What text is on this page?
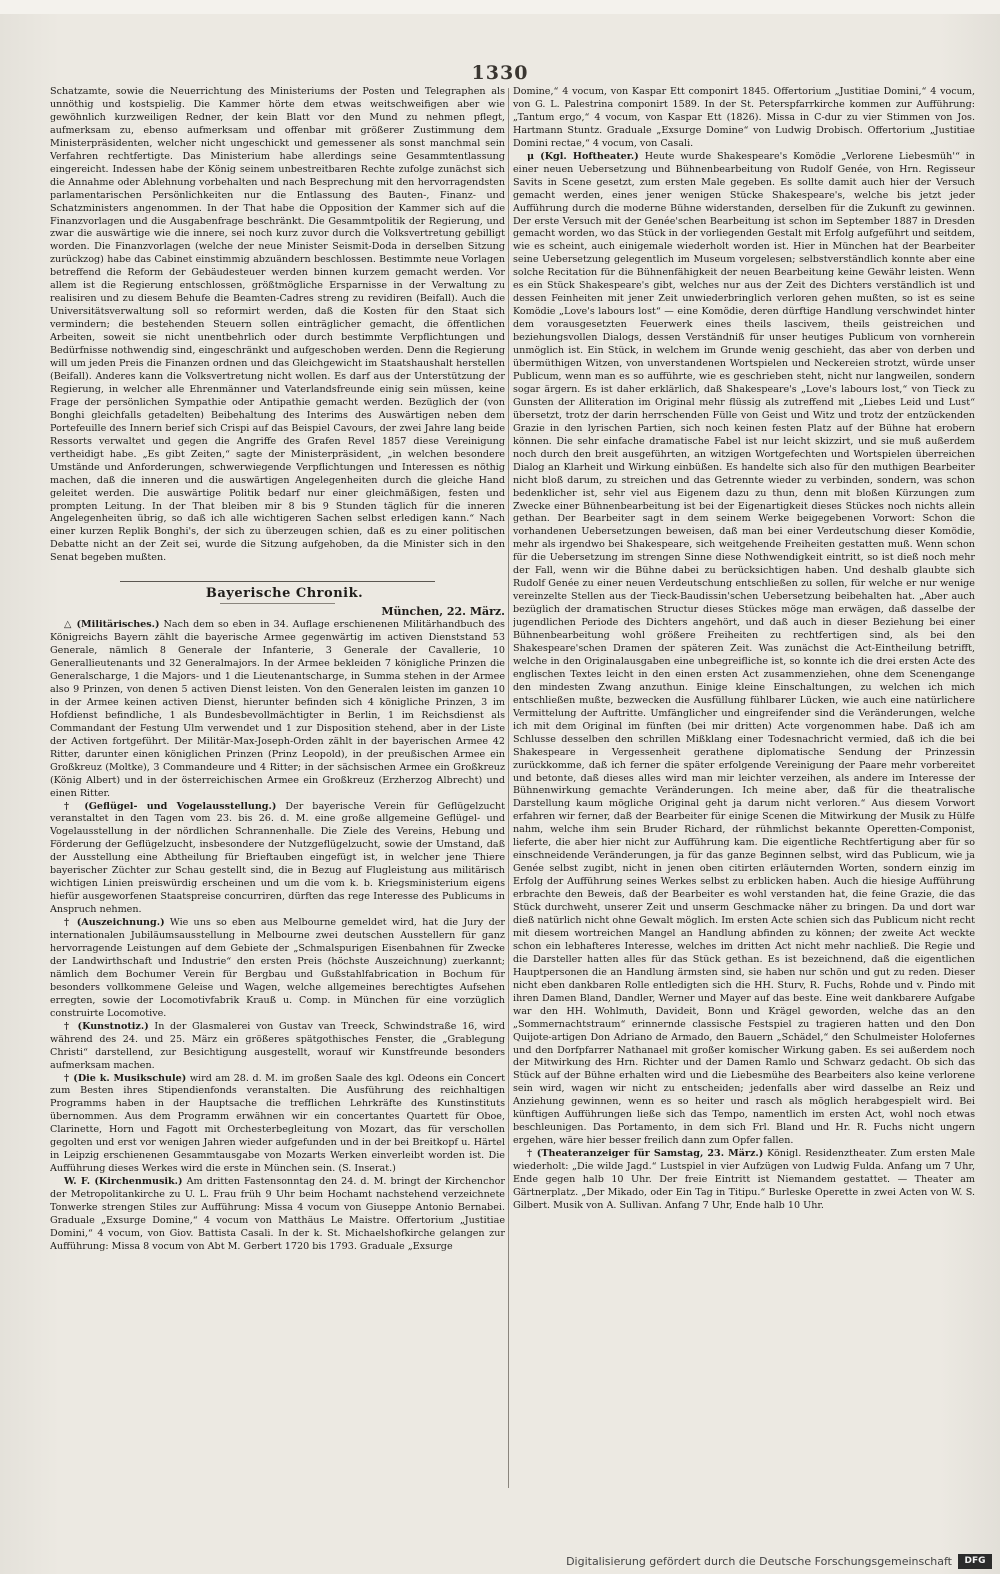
1330

Schatzamte, sowie die Neuerrichtung des Ministeriums der Posten und Telegraphen als unnöthig und kostspielig. Die Kammer hörte dem etwas weitschweifigen aber wie gewöhnlich kurzweiligen Redner, der kein Blatt vor den Mund zu nehmen pflegt, aufmerksam zu, ebenso aufmerksam und offenbar mit größerer Zustimmung dem Ministerpräsidenten, welcher nicht ungeschickt und gemessener als sonst manchmal sein Verfahren rechtfertigte. Das Ministerium habe allerdings seine Gesammtentlassung eingereicht. Indessen habe der König seinem unbestreitbaren Rechte zufolge zunächst sich die Annahme oder Ablehnung vorbehalten und nach Besprechung mit den hervorragendsten parlamentarischen Persönlichkeiten nur die Entlassung des Bauten-, Finanz- und Schatzministers angenommen. In der That habe die Opposition der Kammer sich auf die Finanzvorlagen und die Ausgabenfrage beschränkt. Die Gesammtpolitik der Regierung, und zwar die auswärtige wie die innere, sei noch kurz zuvor durch die Volksvertretung gebilligt worden. Die Finanzvorlagen (welche der neue Minister Seismit-Doda in derselben Sitzung zurückzog) habe das Cabinet einstimmig abzuändern beschlossen. Bestimmte neue Vorlagen betreffend die Reform der Gebäudesteuer werden binnen kurzem gemacht werden. Vor allem ist die Regierung entschlossen, größtmögliche Ersparnisse in der Verwaltung zu realisiren und zu diesem Behufe die Beamten-Cadres streng zu revidiren (Beifall). Auch die Universitätsverwaltung soll so reformirt werden, daß die Kosten für den Staat sich vermindern; die bestehenden Steuern sollen einträglicher gemacht, die öffentlichen Arbeiten, soweit sie nicht unentbehrlich oder durch bestimmte Verpflichtungen und Bedürfnisse nothwendig sind, eingeschränkt und aufgeschoben werden. Denn die Regierung will um jeden Preis die Finanzen ordnen und das Gleichgewicht im Staatshaushalt herstellen (Beifall). Anderes kann die Volksvertretung nicht wollen. Es darf aus der Unterstützung der Regierung, in welcher alle Ehrenmänner und Vaterlandsfreunde einig sein müssen, keine Frage der persönlichen Sympathie oder Antipathie gemacht werden. Bezüglich der (von Bonghi gleichfalls getadelten) Beibehaltung des Interims des Auswärtigen neben dem Portefeuille des Innern berief sich Crispi auf das Beispiel Cavours, der zwei Jahre lang beide Ressorts verwaltet und gegen die Angriffe des Grafen Revel 1857 diese Vereinigung vertheidigt habe. „Es gibt Zeiten,“ sagte der Ministerpräsident, „in welchen besondere Umstände und Anforderungen, schwerwiegende Verpflichtungen und Interessen es nöthig machen, daß die inneren und die auswärtigen Angelegenheiten durch die gleiche Hand geleitet werden. Die auswärtige Politik bedarf nur einer gleichmäßigen, festen und prompten Leitung. In der That bleiben mir 8 bis 9 Stunden täglich für die inneren Angelegenheiten übrig, so daß ich alle wichtigeren Sachen selbst erledigen kann.“ Nach einer kurzen Replik Bonghi's, der sich zu überzeugen schien, daß es zu einer politischen Debatte nicht an der Zeit sei, wurde die Sitzung aufgehoben, da die Minister sich in den Senat begeben mußten.

Bayerische Chronik.

München, 22. März.

△ (Militärisches.) Nach dem so eben in 34. Auflage erschienenen Militärhandbuch des Königreichs Bayern zählt die bayerische Armee gegenwärtig im activen Dienststand 53 Generale, nämlich 8 Generale der Infanterie, 3 Generale der Cavallerie, 10 Generallieutenants und 32 Generalmajors. In der Armee bekleiden 7 königliche Prinzen die Generalscharge, 1 die Majors- und 1 die Lieutenantscharge, in Summa stehen in der Armee also 9 Prinzen, von denen 5 activen Dienst leisten. Von den Generalen leisten im ganzen 10 in der Armee keinen activen Dienst, hierunter befinden sich 4 königliche Prinzen, 3 im Hofdienst befindliche, 1 als Bundesbevollmächtigter in Berlin, 1 im Reichsdienst als Commandant der Festung Ulm verwendet und 1 zur Disposition stehend, aber in der Liste der Activen fortgeführt. Der Militär-Max-Joseph-Orden zählt in der bayerischen Armee 42 Ritter, darunter einen königlichen Prinzen (Prinz Leopold), in der preußischen Armee ein Großkreuz (Moltke), 3 Commandeure und 4 Ritter; in der sächsischen Armee ein Großkreuz (König Albert) und in der österreichischen Armee ein Großkreuz (Erzherzog Albrecht) und einen Ritter.

† (Geflügel- und Vogelausstellung.) Der bayerische Verein für Geflügelzucht veranstaltet in den Tagen vom 23. bis 26. d. M. eine große allgemeine Geflügel- und Vogelausstellung in der nördlichen Schrannenhalle. Die Ziele des Vereins, Hebung und Förderung der Geflügelzucht, insbesondere der Nutzgeflügelzucht, sowie der Umstand, daß der Ausstellung eine Abtheilung für Brieftauben eingefügt ist, in welcher jene Thiere bayerischer Züchter zur Schau gestellt sind, die in Bezug auf Flugleistung aus militärisch wichtigen Linien preiswürdig erscheinen und um die vom k. b. Kriegsministerium eigens hiefür ausgeworfenen Staatspreise concurriren, dürften das rege Interesse des Publicums in Anspruch nehmen.

† (Auszeichnung.) Wie uns so eben aus Melbourne gemeldet wird, hat die Jury der internationalen Jubiläumsausstellung in Melbourne zwei deutschen Ausstellern für ganz hervorragende Leistungen auf dem Gebiete der „Schmalspurigen Eisenbahnen für Zwecke der Landwirthschaft und Industrie“ den ersten Preis (höchste Auszeichnung) zuerkannt; nämlich dem Bochumer Verein für Bergbau und Gußstahlfabrication in Bochum für besonders vollkommene Geleise und Wagen, welche allgemeines berechtigtes Aufsehen erregten, sowie der Locomotivfabrik Krauß u. Comp. in München für eine vorzüglich construirte Locomotive.

† (Kunstnotiz.) In der Glasmalerei von Gustav van Treeck, Schwindstraße 16, wird während des 24. und 25. März ein größeres spätgothisches Fenster, die „Grablegung Christi“ darstellend, zur Besichtigung ausgestellt, worauf wir Kunstfreunde besonders aufmerksam machen.

† (Die k. Musikschule) wird am 28. d. M. im großen Saale des kgl. Odeons ein Concert zum Besten ihres Stipendienfonds veranstalten. Die Ausführung des reichhaltigen Programms haben in der Hauptsache die trefflichen Lehrkräfte des Kunstinstituts übernommen. Aus dem Programm erwähnen wir ein concertantes Quartett für Oboe, Clarinette, Horn und Fagott mit Orchesterbegleitung von Mozart, das für verschollen gegolten und erst vor wenigen Jahren wieder aufgefunden und in der bei Breitkopf u. Härtel in Leipzig erschienenen Gesammtausgabe von Mozarts Werken einverleibt worden ist. Die Aufführung dieses Werkes wird die erste in München sein. (S. Inserat.)

W. F. (Kirchenmusik.) Am dritten Fastensonntag den 24. d. M. bringt der Kirchenchor der Metropolitankirche zu U. L. Frau früh 9 Uhr beim Hochamt nachstehend verzeichnete Tonwerke strengen Stiles zur Aufführung: Missa 4 vocum von Giuseppe Antonio Bernabei. Graduale „Exsurge Domine,“ 4 vocum von Matthäus Le Maistre. Offertorium „Justitiae Domini,“ 4 vocum, von Giov. Battista Casali. In der k. St. Michaelshofkirche gelangen zur Aufführung: Missa 8 vocum von Abt M. Gerbert 1720 bis 1793. Graduale „Exsurge

Domine,“ 4 vocum, von Kaspar Ett componirt 1845. Offertorium „Justitiae Domini,“ 4 vocum, von G. L. Palestrina componirt 1589. In der St. Peterspfarrkirche kommen zur Aufführung: „Tantum ergo,“ 4 vocum, von Kaspar Ett (1826). Missa in C-dur zu vier Stimmen von Jos. Hartmann Stuntz. Graduale „Exsurge Domine“ von Ludwig Drobisch. Offertorium „Justitiae Domini rectae,“ 4 vocum, von Casali.

μ (Kgl. Hoftheater.) Heute wurde Shakespeare's Komödie „Verlorene Liebesmüh'“ in einer neuen Uebersetzung und Bühnenbearbeitung von Rudolf Genée, von Hrn. Regisseur Savits in Scene gesetzt, zum ersten Male gegeben. Es sollte damit auch hier der Versuch gemacht werden, eines jener wenigen Stücke Shakespeare's, welche bis jetzt jeder Aufführung durch die moderne Bühne widerstanden, derselben für die Zukunft zu gewinnen. Der erste Versuch mit der Genée'schen Bearbeitung ist schon im September 1887 in Dresden gemacht worden, wo das Stück in der vorliegenden Gestalt mit Erfolg aufgeführt und seitdem, wie es scheint, auch einigemale wiederholt worden ist. Hier in München hat der Bearbeiter seine Uebersetzung gelegentlich im Museum vorgelesen; selbstverständlich konnte aber eine solche Recitation für die Bühnenfähigkeit der neuen Bearbeitung keine Gewähr leisten. Wenn es ein Stück Shakespeare's gibt, welches nur aus der Zeit des Dichters verständlich ist und dessen Feinheiten mit jener Zeit unwiederbringlich verloren gehen mußten, so ist es seine Komödie „Love's labours lost“ — eine Komödie, deren dürftige Handlung verschwindet hinter dem vorausgesetzten Feuerwerk eines theils lascivem, theils geistreichen und beziehungsvollen Dialogs, dessen Verständniß für unser heutiges Publicum von vornherein unmöglich ist. Ein Stück, in welchem im Grunde wenig geschieht, das aber von derben und übermüthigen Witzen, von unverstandenen Wortspielen und Neckereien strotzt, würde unser Publicum, wenn man es so aufführte, wie es geschrieben steht, nicht nur langweilen, sondern sogar ärgern. Es ist daher erklärlich, daß Shakespeare's „Love's labours lost,“ von Tieck zu Gunsten der Alliteration im Original mehr flüssig als zutreffend mit „Liebes Leid und Lust“ übersetzt, trotz der darin herrschenden Fülle von Geist und Witz und trotz der entzückenden Grazie in den lyrischen Partien, sich noch keinen festen Platz auf der Bühne hat erobern können. Die sehr einfache dramatische Fabel ist nur leicht skizzirt, und sie muß außerdem noch durch den breit ausgeführten, an witzigen Wortgefechten und Wortspielen überreichen Dialog an Klarheit und Wirkung einbüßen. Es handelte sich also für den muthigen Bearbeiter nicht bloß darum, zu streichen und das Getrennte wieder zu verbinden, sondern, was schon bedenklicher ist, sehr viel aus Eigenem dazu zu thun, denn mit bloßen Kürzungen zum Zwecke einer Bühnenbearbeitung ist bei der Eigenartigkeit dieses Stückes noch nichts allein gethan. Der Bearbeiter sagt in dem seinem Werke beigegebenen Vorwort: Schon die vorhandenen Uebersetzungen beweisen, daß man bei einer Verdeutschung dieser Komödie, mehr als irgendwo bei Shakespeare, sich weitgehende Freiheiten gestatten muß. Wenn schon für die Uebersetzung im strengen Sinne diese Nothwendigkeit eintritt, so ist dieß noch mehr der Fall, wenn wir die Bühne dabei zu berücksichtigen haben. Und deshalb glaubte sich Rudolf Genée zu einer neuen Verdeutschung entschließen zu sollen, für welche er nur wenige vereinzelte Stellen aus der Tieck-Baudissin'schen Uebersetzung beibehalten hat. „Aber auch bezüglich der dramatischen Structur dieses Stückes möge man erwägen, daß dasselbe der jugendlichen Periode des Dichters angehört, und daß auch in dieser Beziehung bei einer Bühnenbearbeitung wohl größere Freiheiten zu rechtfertigen sind, als bei den Shakespeare'schen Dramen der späteren Zeit. Was zunächst die Act-Eintheilung betrifft, welche in den Originalausgaben eine unbegreifliche ist, so konnte ich die drei ersten Acte des englischen Textes leicht in den einen ersten Act zusammenziehen, ohne dem Scenengange den mindesten Zwang anzuthun. Einige kleine Einschaltungen, zu welchen ich mich entschließen mußte, bezwecken die Ausfüllung fühlbarer Lücken, wie auch eine natürlichere Vermittelung der Auftritte. Umfänglicher und eingreifender sind die Veränderungen, welche ich mit dem Original im fünften (bei mir dritten) Acte vorgenommen habe. Daß ich am Schlusse desselben den schrillen Mißklang einer Todesnachricht vermied, daß ich die bei Shakespeare in Vergessenheit gerathene diplomatische Sendung der Prinzessin zurückkomme, daß ich ferner die später erfolgende Vereinigung der Paare mehr vorbereitet und betonte, daß dieses alles wird man mir leichter verzeihen, als andere im Interesse der Bühnenwirkung gemachte Veränderungen. Ich meine aber, daß für die theatralische Darstellung kaum mögliche Original geht ja darum nicht verloren.“ Aus diesem Vorwort erfahren wir ferner, daß der Bearbeiter für einige Scenen die Mitwirkung der Musik zu Hülfe nahm, welche ihm sein Bruder Richard, der rühmlichst bekannte Operetten-Componist, lieferte, die aber hier nicht zur Aufführung kam. Die eigentliche Rechtfertigung aber für so einschneidende Veränderungen, ja für das ganze Beginnen selbst, wird das Publicum, wie ja Genée selbst zugibt, nicht in jenen oben citirten erläuternden Worten, sondern einzig im Erfolg der Aufführung seines Werkes selbst zu erblicken haben. Auch die hiesige Aufführung erbrachte den Beweis, daß der Bearbeiter es wohl verstanden hat, die feine Grazie, die das Stück durchweht, unserer Zeit und unserm Geschmacke näher zu bringen. Da und dort war dieß natürlich nicht ohne Gewalt möglich. Im ersten Acte schien sich das Publicum nicht recht mit diesem wortreichen Mangel an Handlung abfinden zu können; der zweite Act weckte schon ein lebhafteres Interesse, welches im dritten Act nicht mehr nachließ. Die Regie und die Darsteller hatten alles für das Stück gethan. Es ist bezeichnend, daß die eigentlichen Hauptpersonen die an Handlung ärmsten sind, sie haben nur schön und gut zu reden. Dieser nicht eben dankbaren Rolle entledigten sich die HH. Sturv, R. Fuchs, Rohde und v. Pindo mit ihren Damen Bland, Dandler, Werner und Mayer auf das beste. Eine weit dankbarere Aufgabe war den HH. Wohlmuth, Davideit, Bonn und Krägel geworden, welche das an den „Sommernachtstraum“ erinnernde classische Festspiel zu tragieren hatten und den Don Quijote-artigen Don Adriano de Armado, den Bauern „Schädel,“ den Schulmeister Holofernes und den Dorfpfarrer Nathanael mit großer komischer Wirkung gaben. Es sei außerdem noch der Mitwirkung des Hrn. Richter und der Damen Ramlo und Schwarz gedacht. Ob sich das Stück auf der Bühne erhalten wird und die Liebesmühe des Bearbeiters also keine verlorene sein wird, wagen wir nicht zu entscheiden; jedenfalls aber wird dasselbe an Reiz und Anziehung gewinnen, wenn es so heiter und rasch als möglich herabgespielt wird. Bei künftigen Aufführungen ließe sich das Tempo, namentlich im ersten Act, wohl noch etwas beschleunigen. Das Portamento, in dem sich Frl. Bland und Hr. R. Fuchs nicht ungern ergehen, wäre hier besser freilich dann zum Opfer fallen.

† (Theateranzeiger für Samstag, 23. März.) Königl. Residenztheater. Zum ersten Male wiederholt: „Die wilde Jagd.“ Lustspiel in vier Aufzügen von Ludwig Fulda. Anfang um 7 Uhr, Ende gegen halb 10 Uhr. Der freie Eintritt ist Niemandem gestattet. — Theater am Gärtnerplatz. „Der Mikado, oder Ein Tag in Titipu.“ Burleske Operette in zwei Acten von W. S. Gilbert. Musik von A. Sullivan. Anfang 7 Uhr, Ende halb 10 Uhr.

Digitalisierung gefördert durch die Deutsche Forschungsgemeinschaft	DFG
